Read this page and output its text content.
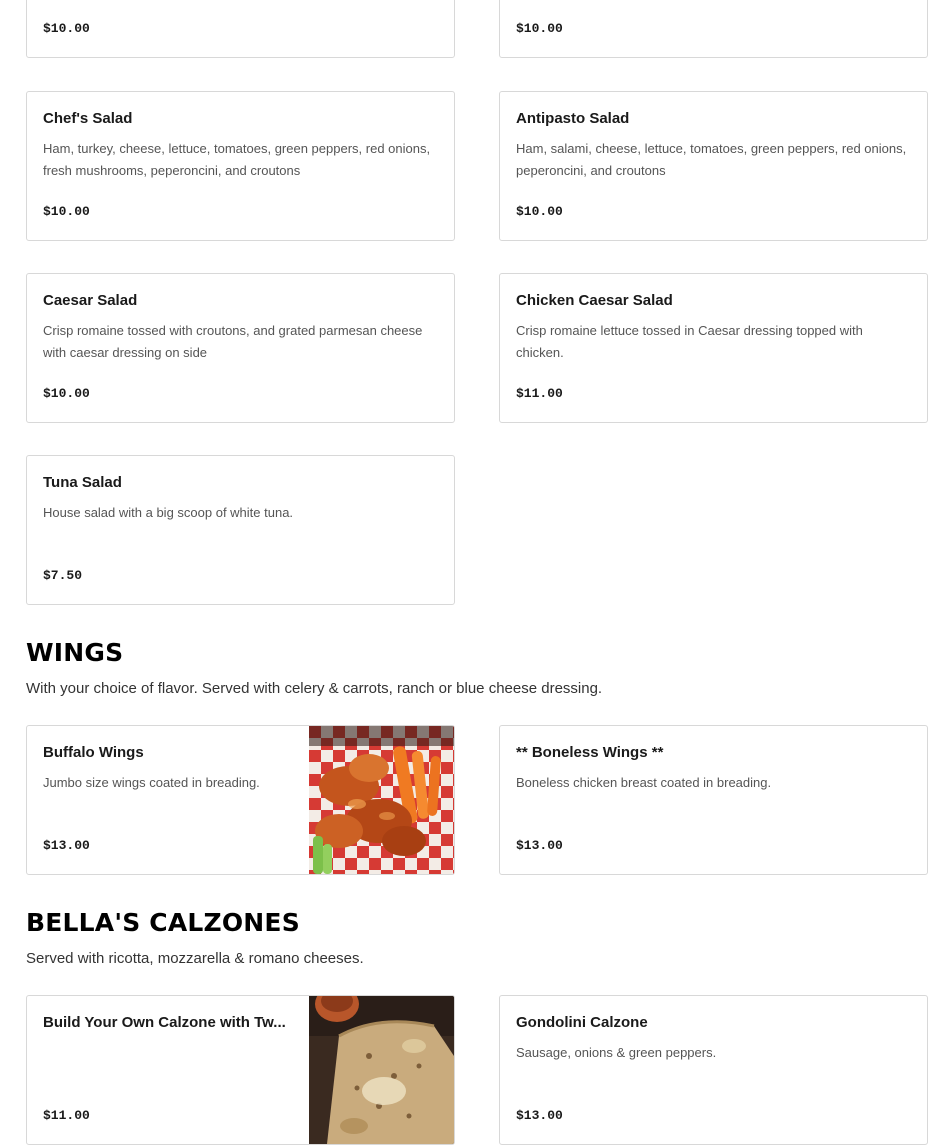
$10.00	$10.00
Chef's Salad
Ham, turkey, cheese, lettuce, tomatoes, green peppers, red onions, fresh mushrooms, peperoncini, and croutons
$10.00
Antipasto Salad
Ham, salami, cheese, lettuce, tomatoes, green peppers, red onions, peperoncini, and croutons
$10.00
Caesar Salad
Crisp romaine tossed with croutons, and grated parmesan cheese with caesar dressing on side
$10.00
Chicken Caesar Salad
Crisp romaine lettuce tossed in Caesar dressing topped with chicken.
$11.00
Tuna Salad
House salad with a big scoop of white tuna.
$7.50
WINGS

With your choice of flavor. Served with celery & carrots, ranch or blue cheese dressing.

Buffalo Wings
Jumbo size wings coated in breading.
$13.00
** Boneless Wings **
Boneless chicken breast coated in breading.
$13.00
BELLA'S CALZONES

Served with ricotta, mozzarella & romano cheeses.

Build Your Own Calzone with Tw...
$11.00
Gondolini Calzone
Sausage, onions & green peppers.
$13.00
